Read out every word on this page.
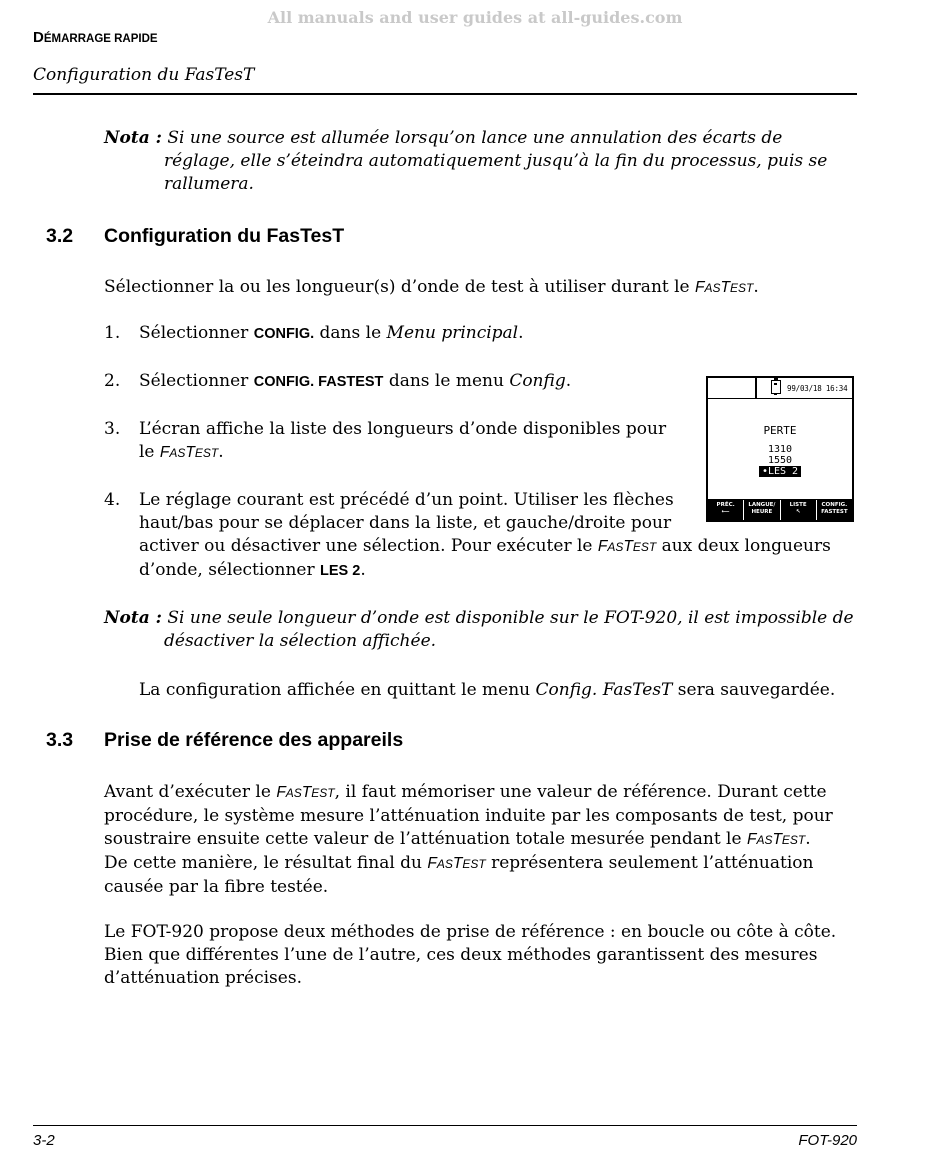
All manuals and user guides at all-guides.com
DÉMARRAGE RAPIDE
Configuration du FasTesT
Nota : Si une source est allumée lorsqu’on lance une annulation des écarts de réglage, elle s’éteindra automatiquement jusqu’à la fin du processus, puis se rallumera.
3.2 Configuration du FasTesT
Sélectionner la ou les longueur(s) d’onde de test à utiliser durant le FASTEST.
1. Sélectionner CONFIG. dans le Menu principal.
2. Sélectionner CONFIG. FASTEST dans le menu Config.
3. L’écran affiche la liste des longueurs d’onde disponibles pour
le FASTEST.
4. Le réglage courant est précédé d’un point. Utiliser les flèches
haut/bas pour se déplacer dans la liste, et gauche/droite pour
activer ou désactiver une sélection. Pour exécuter le FASTEST aux deux longueurs
d’onde, sélectionner LES 2.
99/03/18 16:34
PERTE
1310
1550
•LES 2
PRÉC.
⟵
LANGUE/
HEURE
LISTE
↖
CONFIG.
FASTEST
Nota : Si une seule longueur d’onde est disponible sur le FOT-920, il est impossible de désactiver la sélection affichée.
La configuration affichée en quittant le menu Config. FasTesT sera sauvegardée.
3.3 Prise de référence des appareils
Avant d’exécuter le FASTEST, il faut mémoriser une valeur de référence. Durant cette
procédure, le système mesure l’atténuation induite par les composants de test, pour
soustraire ensuite cette valeur de l’atténuation totale mesurée pendant le FASTEST.
De cette manière, le résultat final du FASTEST représentera seulement l’atténuation
causée par la fibre testée.
Le FOT-920 propose deux méthodes de prise de référence : en boucle ou côte à côte. Bien que différentes l’une de l’autre, ces deux méthodes garantissent des mesures d’atténuation précises.
3-2	FOT-920
